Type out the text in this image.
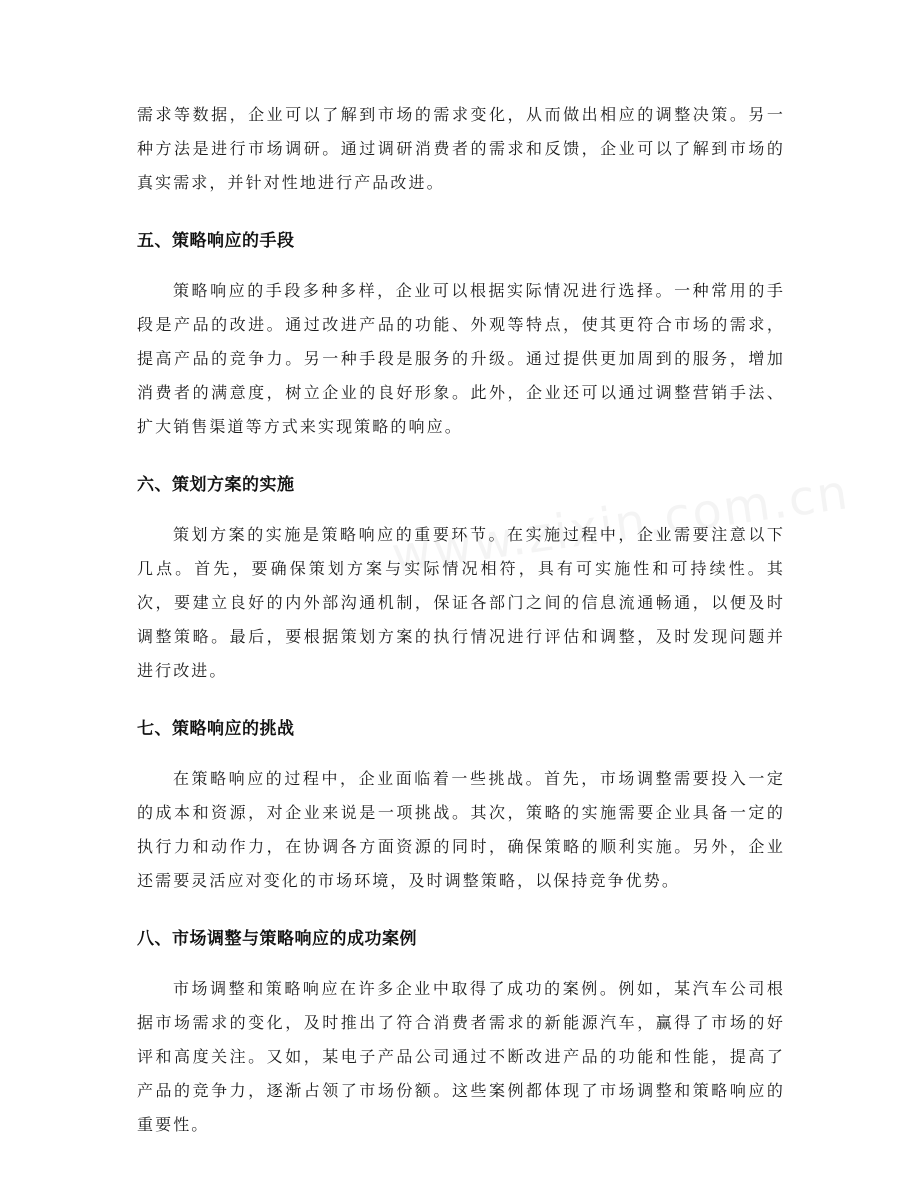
需求等数据，企业可以了解到市场的需求变化，从而做出相应的调整决策。另一种方法是进行市场调研。通过调研消费者的需求和反馈，企业可以了解到市场的真实需求，并针对性地进行产品改进。

五、策略响应的手段

策略响应的手段多种多样，企业可以根据实际情况进行选择。一种常用的手段是产品的改进。通过改进产品的功能、外观等特点，使其更符合市场的需求，提高产品的竞争力。另一种手段是服务的升级。通过提供更加周到的服务，增加消费者的满意度，树立企业的良好形象。此外，企业还可以通过调整营销手法、扩大销售渠道等方式来实现策略的响应。

六、策划方案的实施

策划方案的实施是策略响应的重要环节。在实施过程中，企业需要注意以下几点。首先，要确保策划方案与实际情况相符，具有可实施性和可持续性。其次，要建立良好的内外部沟通机制，保证各部门之间的信息流通畅通，以便及时调整策略。最后，要根据策划方案的执行情况进行评估和调整，及时发现问题并进行改进。

七、策略响应的挑战

在策略响应的过程中，企业面临着一些挑战。首先，市场调整需要投入一定的成本和资源，对企业来说是一项挑战。其次，策略的实施需要企业具备一定的执行力和动作力，在协调各方面资源的同时，确保策略的顺利实施。另外，企业还需要灵活应对变化的市场环境，及时调整策略，以保持竞争优势。

八、市场调整与策略响应的成功案例

市场调整和策略响应在许多企业中取得了成功的案例。例如，某汽车公司根据市场需求的变化，及时推出了符合消费者需求的新能源汽车，赢得了市场的好评和高度关注。又如，某电子产品公司通过不断改进产品的功能和性能，提高了产品的竞争力，逐渐占领了市场份额。这些案例都体现了市场调整和策略响应的重要性。
